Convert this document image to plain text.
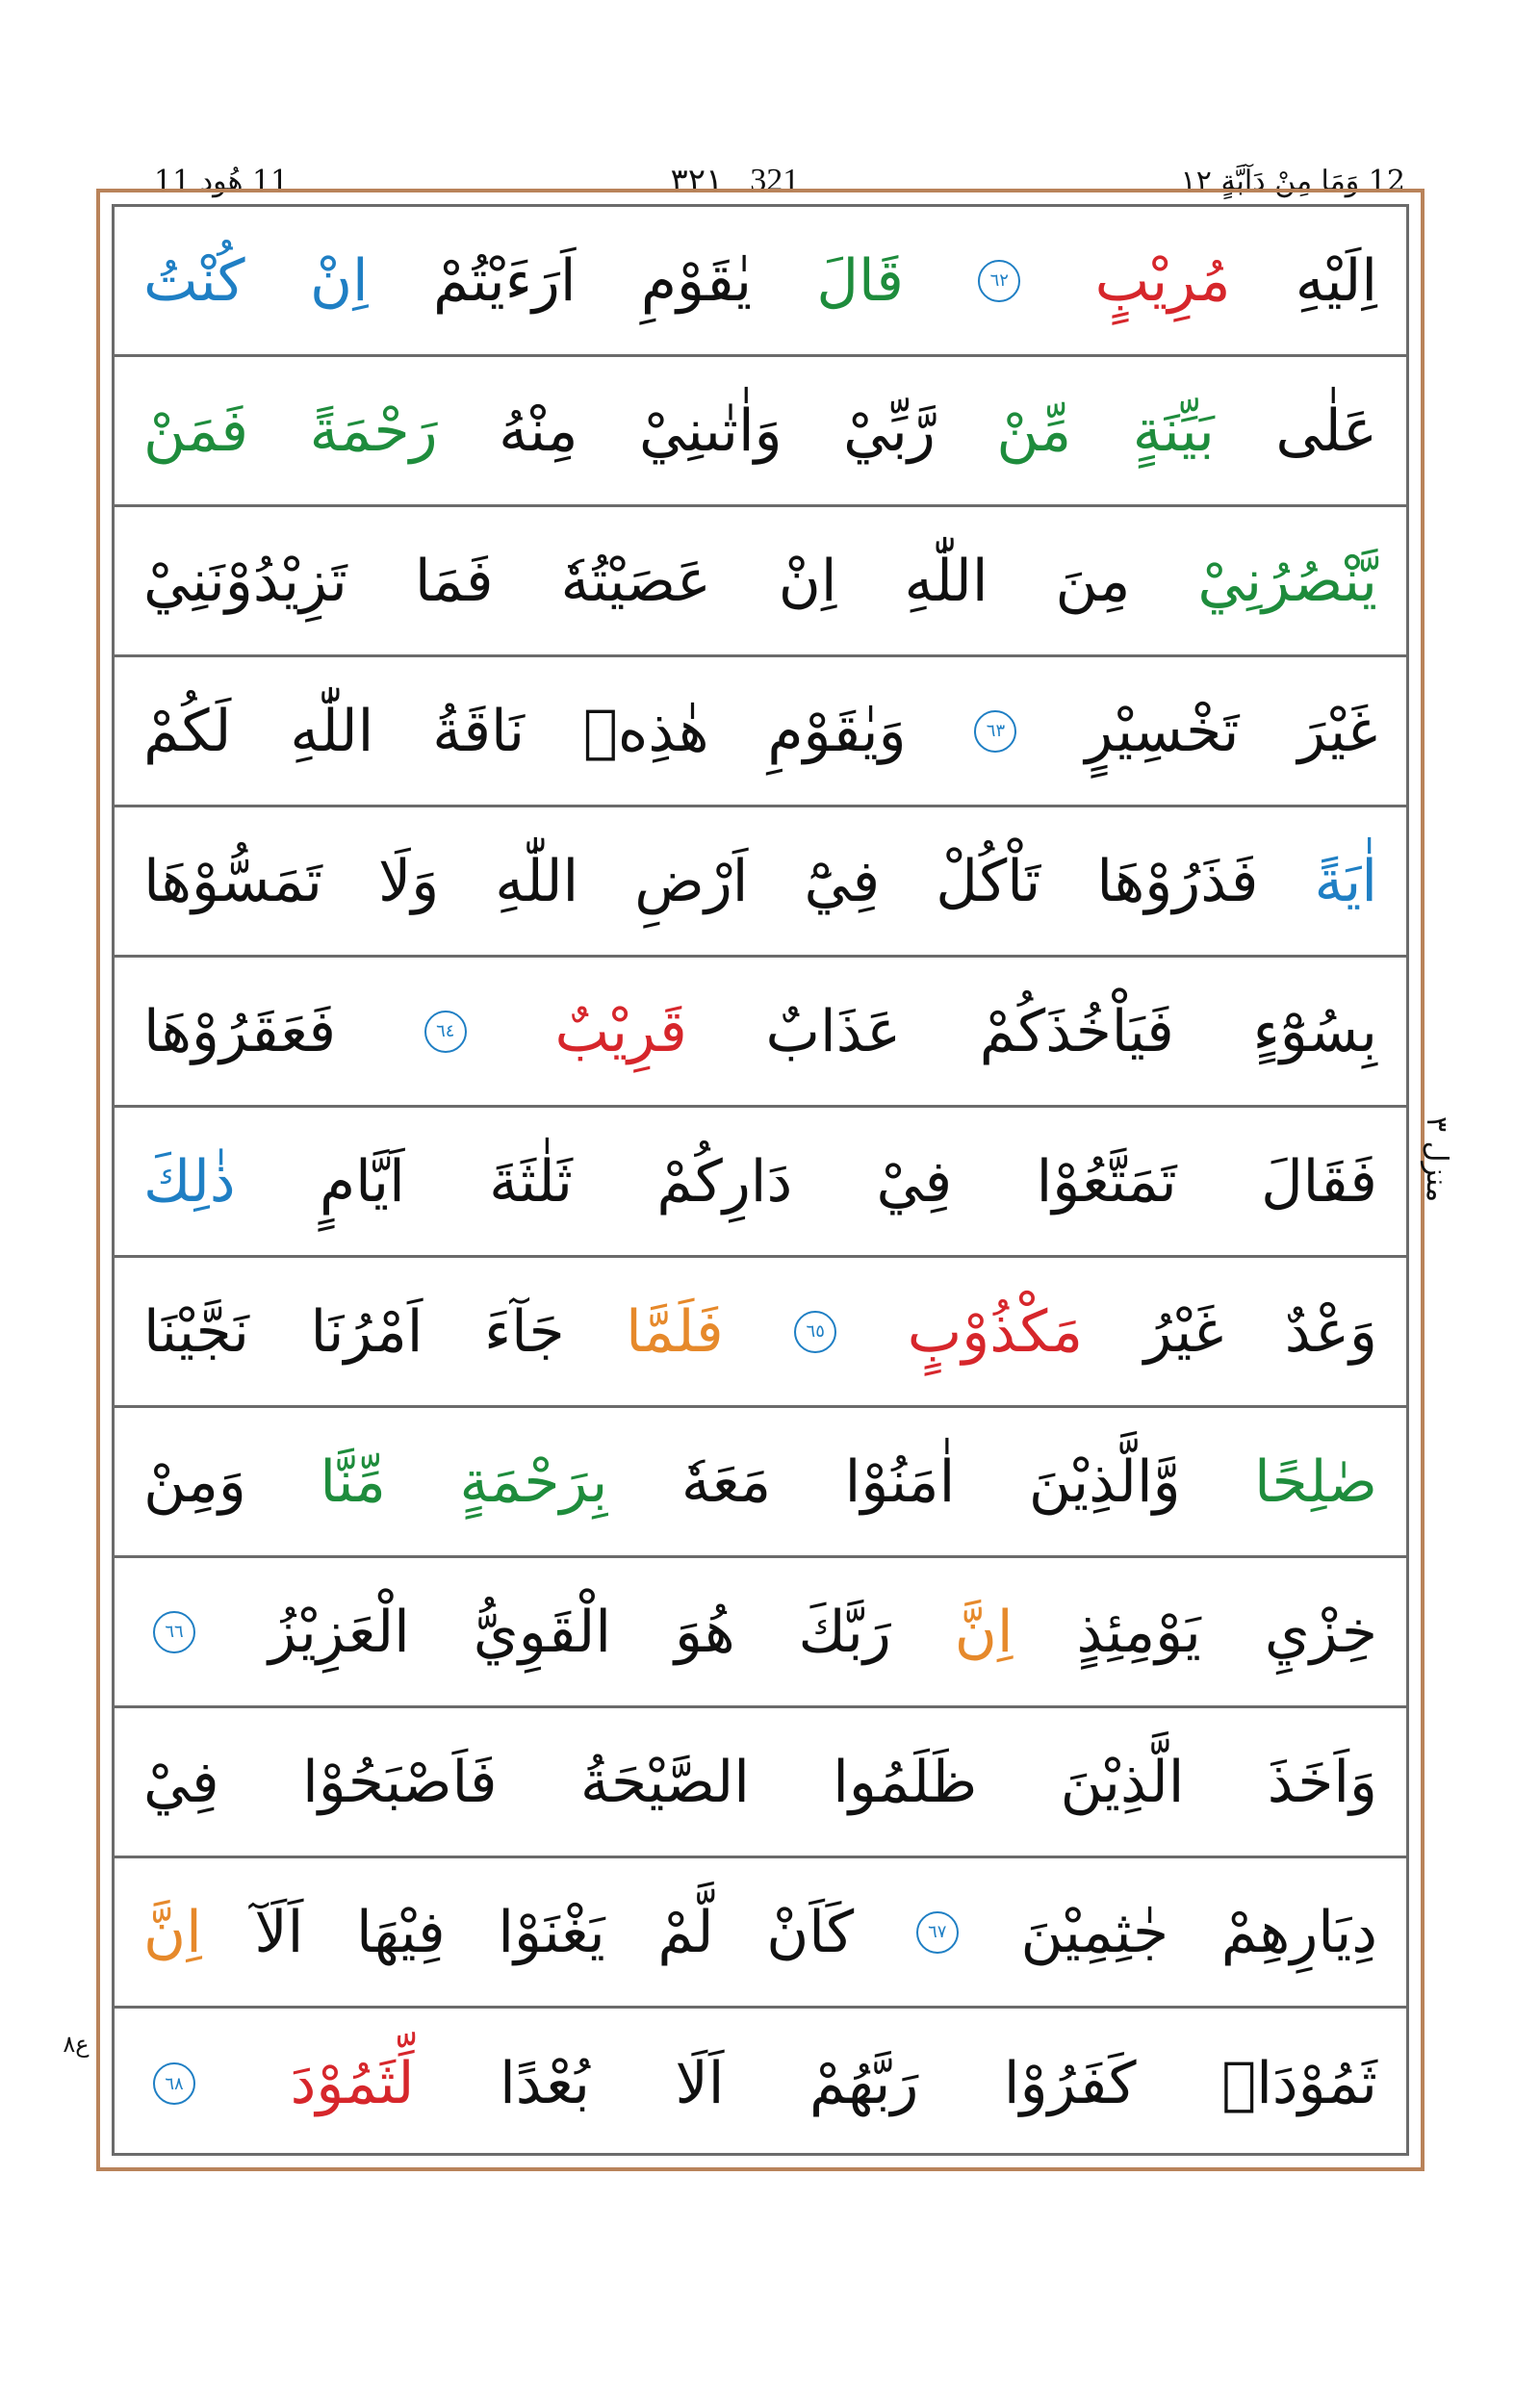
11 هُود 11	٣٢١ 321	12 وَمَا مِنْ دَآبَّةٍ ١٢
اِلَيْهِ
مُرِيْبٍ
٦٢
قَالَ
يٰقَوْمِ
اَرَءَيْتُمْ
اِنْ
كُنْتُ
عَلٰى
بَيِّنَةٍ
مِّنْ
رَّبِّيْ
وَاٰتٰىنِيْ
مِنْهُ
رَحْمَةً
فَمَنْ
يَّنْصُرُنِيْ
مِنَ
اللّٰهِ
اِنْ
عَصَيْتُهٗ
فَمَا
تَزِيْدُوْنَنِيْ
غَيْرَ
تَخْسِيْرٍ
٦٣
وَيٰقَوْمِ
هٰذِهٖ
نَاقَةُ
اللّٰهِ
لَكُمْ
اٰيَةً
فَذَرُوْهَا
تَاْكُلْ
فِيْٓ
اَرْضِ
اللّٰهِ
وَلَا
تَمَسُّوْهَا
بِسُوْٓءٍ
فَيَاْخُذَكُمْ
عَذَابٌ
قَرِيْبٌ
٦٤
فَعَقَرُوْهَا
فَقَالَ
تَمَتَّعُوْا
فِيْ
دَارِكُمْ
ثَلٰثَةَ
اَيَّامٍ
ذٰلِكَ
وَعْدٌ
غَيْرُ
مَكْذُوْبٍ
٦٥
فَلَمَّا
جَآءَ
اَمْرُنَا
نَجَّيْنَا
صٰلِحًا
وَّالَّذِيْنَ
اٰمَنُوْا
مَعَهٗ
بِرَحْمَةٍ
مِّنَّا
وَمِنْ
خِزْيِ
يَوْمِئِذٍ
اِنَّ
رَبَّكَ
هُوَ
الْقَوِيُّ
الْعَزِيْزُ
٦٦
وَاَخَذَ
الَّذِيْنَ
ظَلَمُوا
الصَّيْحَةُ
فَاَصْبَحُوْا
فِيْ
دِيَارِهِمْ
جٰثِمِيْنَ
٦٧
كَاَنْ
لَّمْ
يَغْنَوْا
فِيْهَا
اَلَآ
اِنَّ
ثَمُوْدَا۟
كَفَرُوْا
رَبَّهُمْ
اَلَا
بُعْدًا
لِّثَمُوْدَ
٦٨
منزل ٣
ع٨
